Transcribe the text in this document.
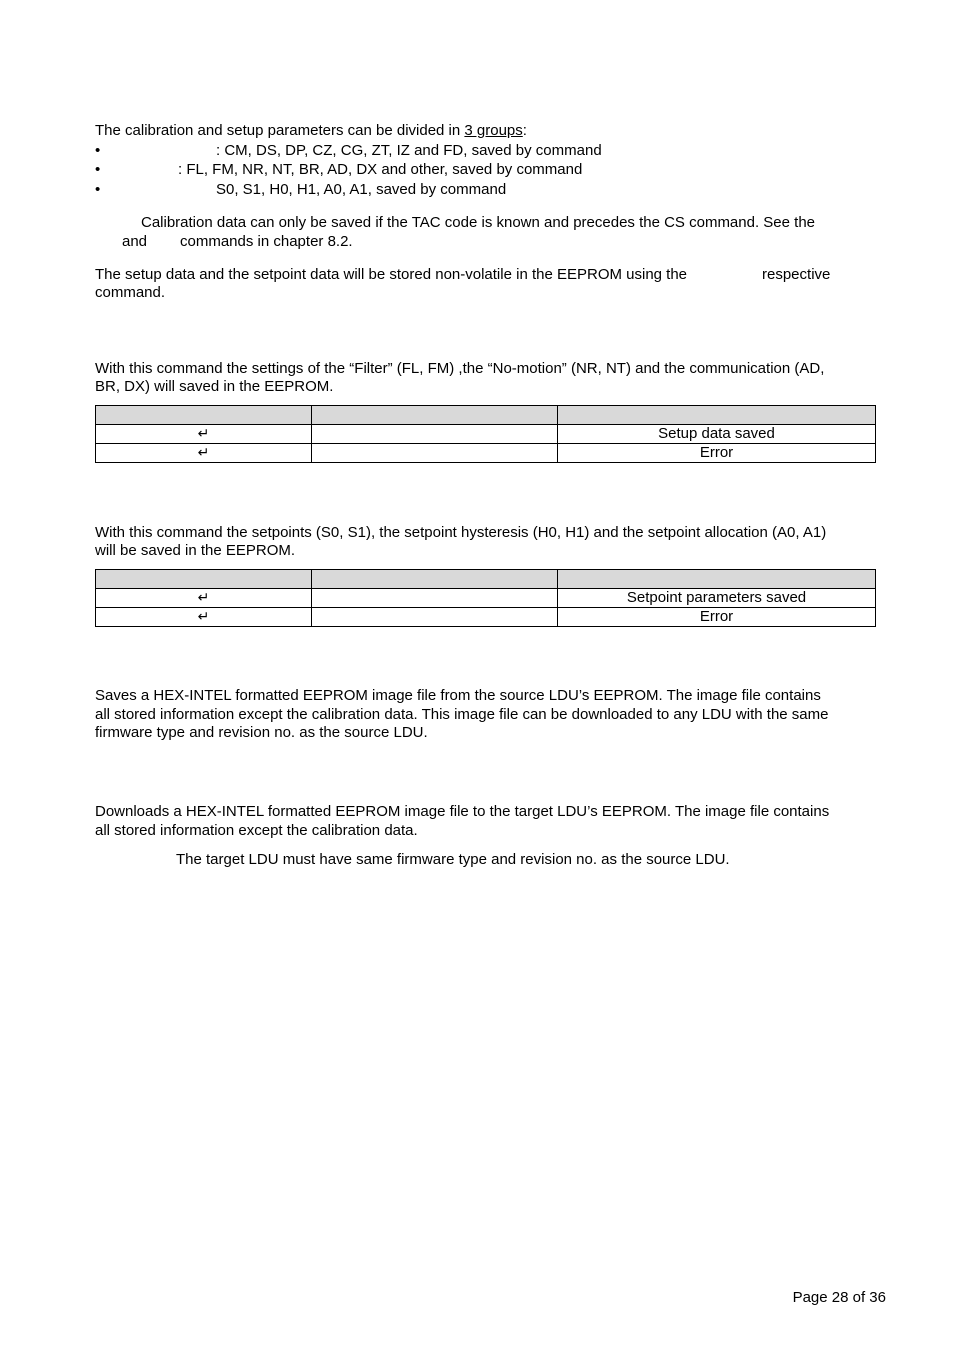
The calibration and setup parameters can be divided in 3 groups:
•	: CM, DS, DP, CZ, CG, ZT, IZ and FD, saved by command
•	: FL, FM, NR, NT, BR, AD, DX and other, saved by command
•	S0, S1, H0, H1, A0, A1, saved by command
Calibration data can only be saved if the TAC code is known and precedes the CS command. See the
and commands in chapter 8.2.
The setup data and the setpoint data will be stored non-volatile in the EEPROM using the	respective
command.
With this command the settings of the “Filter” (FL, FM) ,the “No-motion” (NR, NT) and the communication (AD,
BR, DX) will saved in the EEPROM.

↵		Setup data saved
↵		Error
With this command the setpoints (S0, S1), the setpoint hysteresis (H0, H1) and the setpoint allocation (A0, A1)
will be saved in the EEPROM.

↵		Setpoint parameters saved
↵		Error
Saves a HEX-INTEL formatted EEPROM image file from the source LDU’s EEPROM. The image file contains
all stored information except the calibration data. This image file can be downloaded to any LDU with the same
firmware type and revision no. as the source LDU.
Downloads a HEX-INTEL formatted EEPROM image file to the target LDU’s EEPROM. The image file contains
all stored information except the calibration data.
The target LDU must have same firmware type and revision no. as the source LDU.
Page 28 of 36
